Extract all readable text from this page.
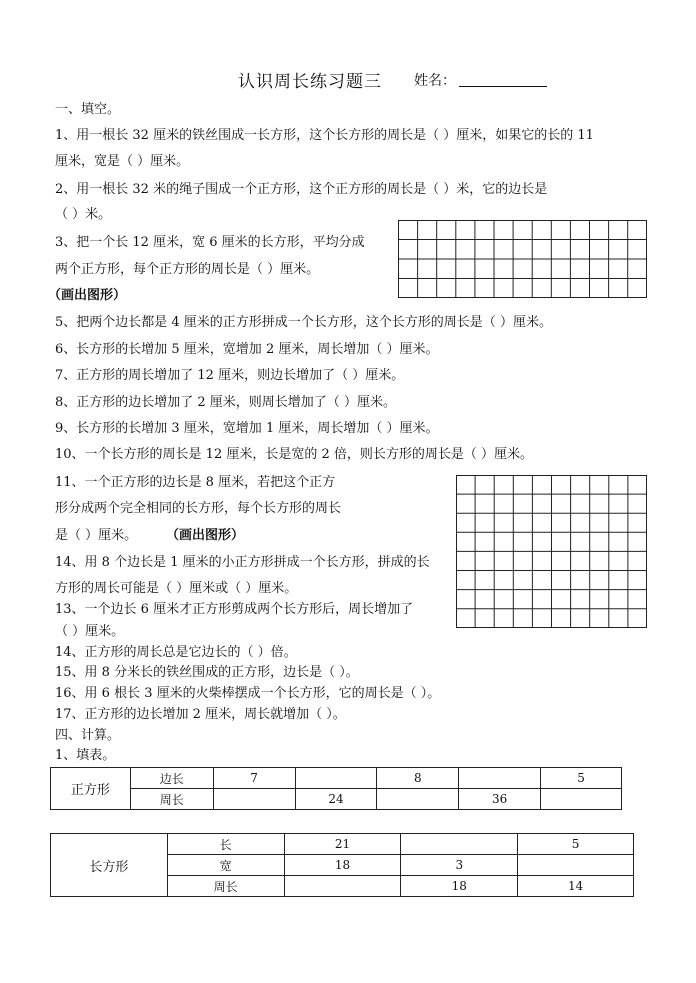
认识周长练习题三 姓名：
一、填空。
1、用一根长 32 厘米的铁丝围成一长方形，这个长方形的周长是（ ）厘米，如果它的长的 11
厘米，宽是（ ）厘米。
2、用一根长 32 米的绳子围成一个正方形，这个正方形的周长是（ ）米，它的边长是
（ ）米。
3、把一个长 12 厘米，宽 6 厘米的长方形，平均分成
两个正方形，每个正方形的周长是（ ）厘米。
（画出图形）
5、把两个边长都是 4 厘米的正方形拼成一个长方形，这个长方形的周长是（ ）厘米。
6、长方形的长增加 5 厘米，宽增加 2 厘米，周长增加（ ）厘米。
7、正方形的周长增加了 12 厘米，则边长增加了（ ）厘米。
8、正方形的边长增加了 2 厘米，则周长增加了（ ）厘米。
9、长方形的长增加 3 厘米，宽增加 1 厘米，周长增加（ ）厘米。
10、一个长方形的周长是 12 厘米，长是宽的 2 倍，则长方形的周长是（ ）厘米。
11、一个正方形的边长是 8 厘米，若把这个正方
形分成两个完全相同的长方形，每个长方形的周长
是（ ）厘米。 （画出图形）
14、用 8 个边长是 1 厘米的小正方形拼成一个长方形，拼成的长
方形的周长可能是（ ）厘米或（ ）厘米。
13、一个边长 6 厘米才正方形剪成两个长方形后，周长增加了
（ ）厘米。
14、正方形的周长总是它边长的（ ）倍。
15、用 8 分米长的铁丝围成的正方形，边长是（ ）。
16、用 6 根长 3 厘米的火柴棒摆成一个长方形，它的周长是（ ）。
17、正方形的边长增加 2 厘米，周长就增加（ ）。
四、计算。
1、填表。
正方形	边长	7		8		5
	周长		24		36	
长方形	长	21		5
	宽	18	3	
	周长		18	14
